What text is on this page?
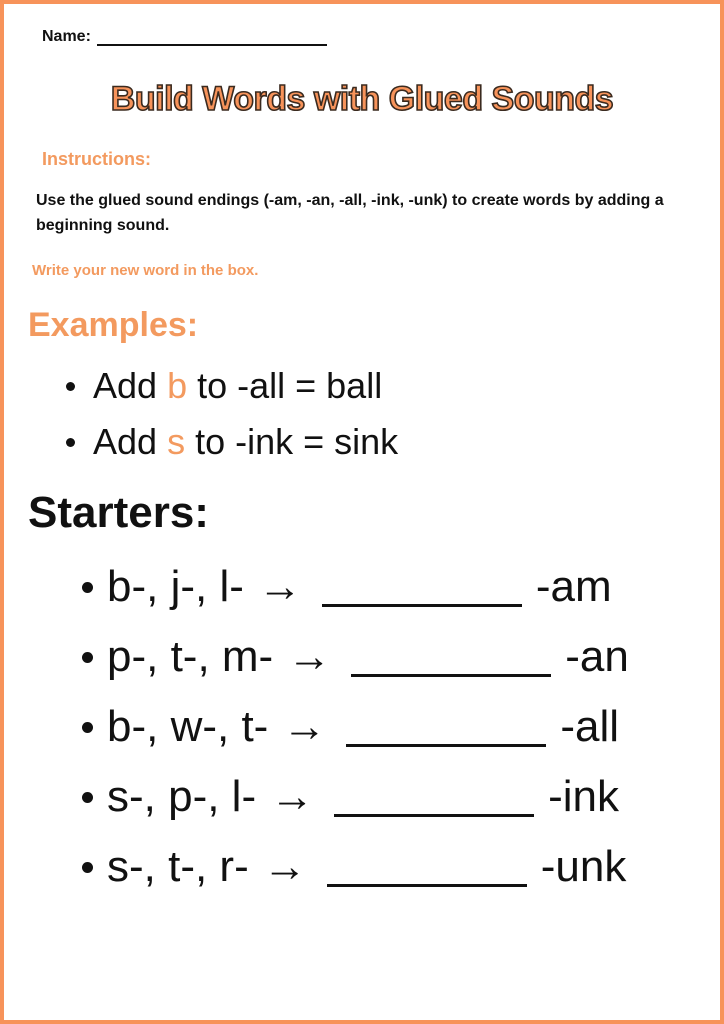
Name:
Build Words with Glued Sounds
Instructions:
Use the glued sound endings (-am, -an, -all, -ink, -unk) to create words by adding a beginning sound.
Write your new word in the box.
Examples:
Add b to -all = ball
Add s to -ink = sink
Starters:
b-, j-, l- →	-am
p-, t-, m- →	-an
b-, w-, t- →	-all
s-, p-, l- →	-ink
s-, t-, r- →	-unk
